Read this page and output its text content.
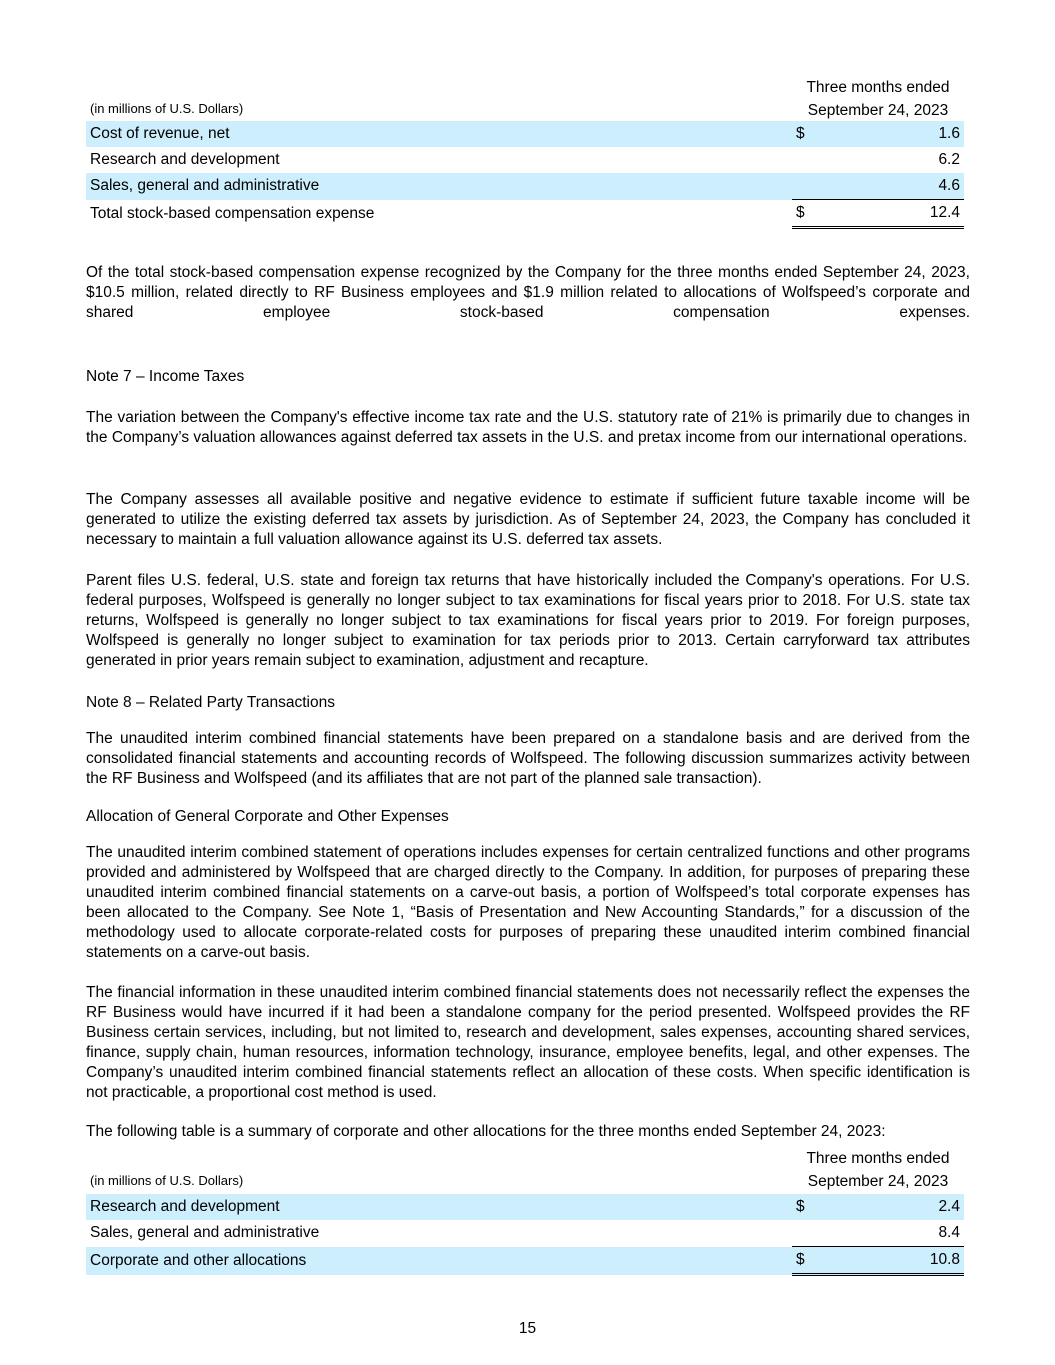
(in millions of U.S. Dollars)
Three months ended
September 24, 2023
Cost of revenue, net	$ 1.6

Research and development	6.2

Sales, general and administrative	4.6

Total stock-based compensation expense	$ 12.4

Of the total stock-based compensation expense recognized by the Company for the three months ended September 24, 2023, $10.5 million, related directly to RF Business employees and $1.9 million related to allocations of Wolfspeed’s corporate and shared employee stock-based compensation expenses.

Note 7 – Income Taxes

The variation between the Company's effective income tax rate and the U.S. statutory rate of 21% is primarily due to changes in the Company’s valuation allowances against deferred tax assets in the U.S. and pretax income from our international operations.

The Company assesses all available positive and negative evidence to estimate if sufficient future taxable income will be generated to utilize the existing deferred tax assets by jurisdiction. As of September 24, 2023, the Company has concluded it necessary to maintain a full valuation allowance against its U.S. deferred tax assets.

Parent files U.S. federal, U.S. state and foreign tax returns that have historically included the Company's operations. For U.S. federal purposes, Wolfspeed is generally no longer subject to tax examinations for fiscal years prior to 2018. For U.S. state tax returns, Wolfspeed is generally no longer subject to tax examinations for fiscal years prior to 2019. For foreign purposes, Wolfspeed is generally no longer subject to examination for tax periods prior to 2013. Certain carryforward tax attributes generated in prior years remain subject to examination, adjustment and recapture.

Note 8 – Related Party Transactions

The unaudited interim combined financial statements have been prepared on a standalone basis and are derived from the consolidated financial statements and accounting records of Wolfspeed. The following discussion summarizes activity between the RF Business and Wolfspeed (and its affiliates that are not part of the planned sale transaction).

Allocation of General Corporate and Other Expenses

The unaudited interim combined statement of operations includes expenses for certain centralized functions and other programs provided and administered by Wolfspeed that are charged directly to the Company. In addition, for purposes of preparing these unaudited interim combined financial statements on a carve-out basis, a portion of Wolfspeed’s total corporate expenses has been allocated to the Company. See Note 1, “Basis of Presentation and New Accounting Standards,” for a discussion of the methodology used to allocate corporate-related costs for purposes of preparing these unaudited interim combined financial statements on a carve-out basis.

The financial information in these unaudited interim combined financial statements does not necessarily reflect the expenses the RF Business would have incurred if it had been a standalone company for the period presented. Wolfspeed provides the RF Business certain services, including, but not limited to, research and development, sales expenses, accounting shared services, finance, supply chain, human resources, information technology, insurance, employee benefits, legal, and other expenses. The Company’s unaudited interim combined financial statements reflect an allocation of these costs. When specific identification is not practicable, a proportional cost method is used.

The following table is a summary of corporate and other allocations for the three months ended September 24, 2023:

(in millions of U.S. Dollars)
Three months ended
September 24, 2023
Research and development	$ 2.4

Sales, general and administrative	8.4

Corporate and other allocations	$ 10.8
15
